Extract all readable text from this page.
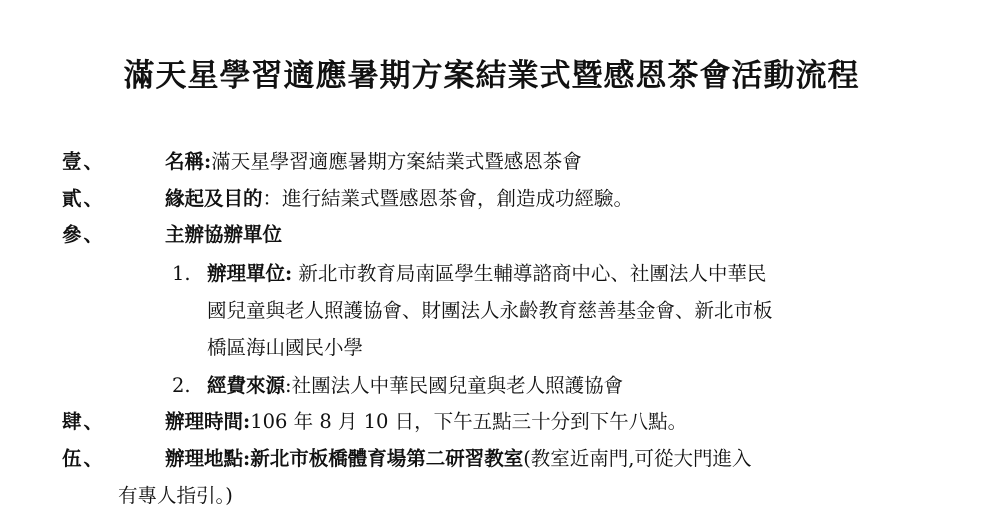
滿天星學習適應暑期方案結業式暨感恩茶會活動流程
壹、	名稱:滿天星學習適應暑期方案結業式暨感恩茶會
貳、	緣起及目的：進行結業式暨感恩茶會，創造成功經驗。
參、	主辦協辦單位
1. 辦理單位: 新北市教育局南區學生輔導諮商中心、社團法人中華民
國兒童與老人照護協會、財團法人永齡教育慈善基金會、新北市板
橋區海山國民小學
2. 經費來源:社團法人中華民國兒童與老人照護協會
肆、	辦理時間:106 年 8 月 10 日，下午五點三十分到下午八點。
伍、	辦理地點:新北市板橋體育場第二研習教室(教室近南門,可從大門進入
有專人指引。)
